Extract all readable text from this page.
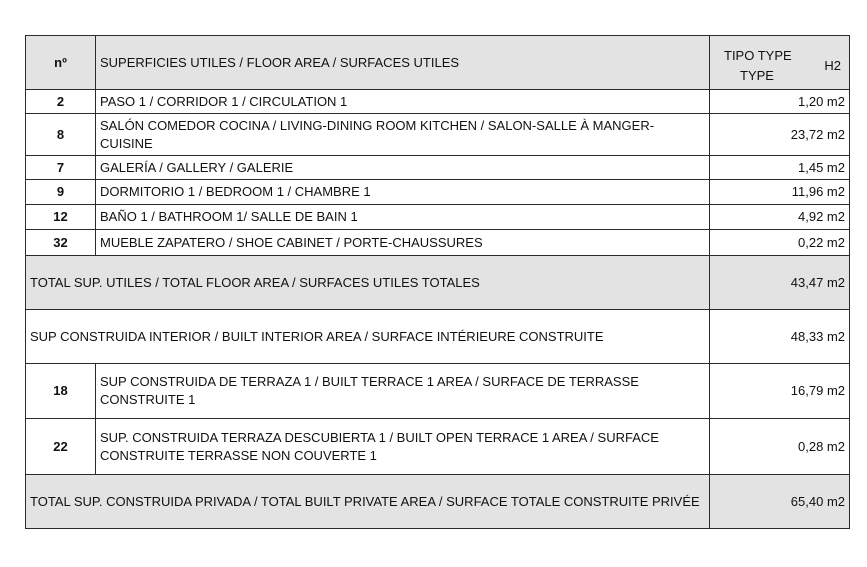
nº	SUPERFICIES UTILES / FLOOR AREA / SURFACES UTILES	TIPO TYPE
TYPE
H2

2	PASO 1 / CORRIDOR 1 / CIRCULATION 1	1,20 m2
8	SALÓN COMEDOR COCINA / LIVING-DINING ROOM KITCHEN / SALON-SALLE À MANGER-CUISINE	23,72 m2
7	GALERÍA / GALLERY / GALERIE	1,45 m2
9	DORMITORIO 1 / BEDROOM 1 / CHAMBRE 1	11,96 m2
12	BAÑO 1 / BATHROOM 1/ SALLE DE BAIN 1	4,92 m2
32	MUEBLE ZAPATERO / SHOE CABINET / PORTE-CHAUSSURES	0,22 m2
TOTAL SUP. UTILES / TOTAL FLOOR AREA / SURFACES UTILES TOTALES		43,47 m2
SUP CONSTRUIDA INTERIOR / BUILT INTERIOR AREA / SURFACE INTÉRIEURE CONSTRUITE		48,33 m2
18	SUP CONSTRUIDA DE TERRAZA 1 / BUILT TERRACE 1 AREA / SURFACE DE TERRASSE CONSTRUITE 1	16,79 m2
22	SUP. CONSTRUIDA TERRAZA DESCUBIERTA 1 / BUILT OPEN TERRACE 1 AREA / SURFACE CONSTRUITE TERRASSE NON COUVERTE 1	0,28 m2
TOTAL SUP. CONSTRUIDA PRIVADA / TOTAL BUILT PRIVATE AREA / SURFACE TOTALE CONSTRUITE PRIVÉE		65,40 m2
